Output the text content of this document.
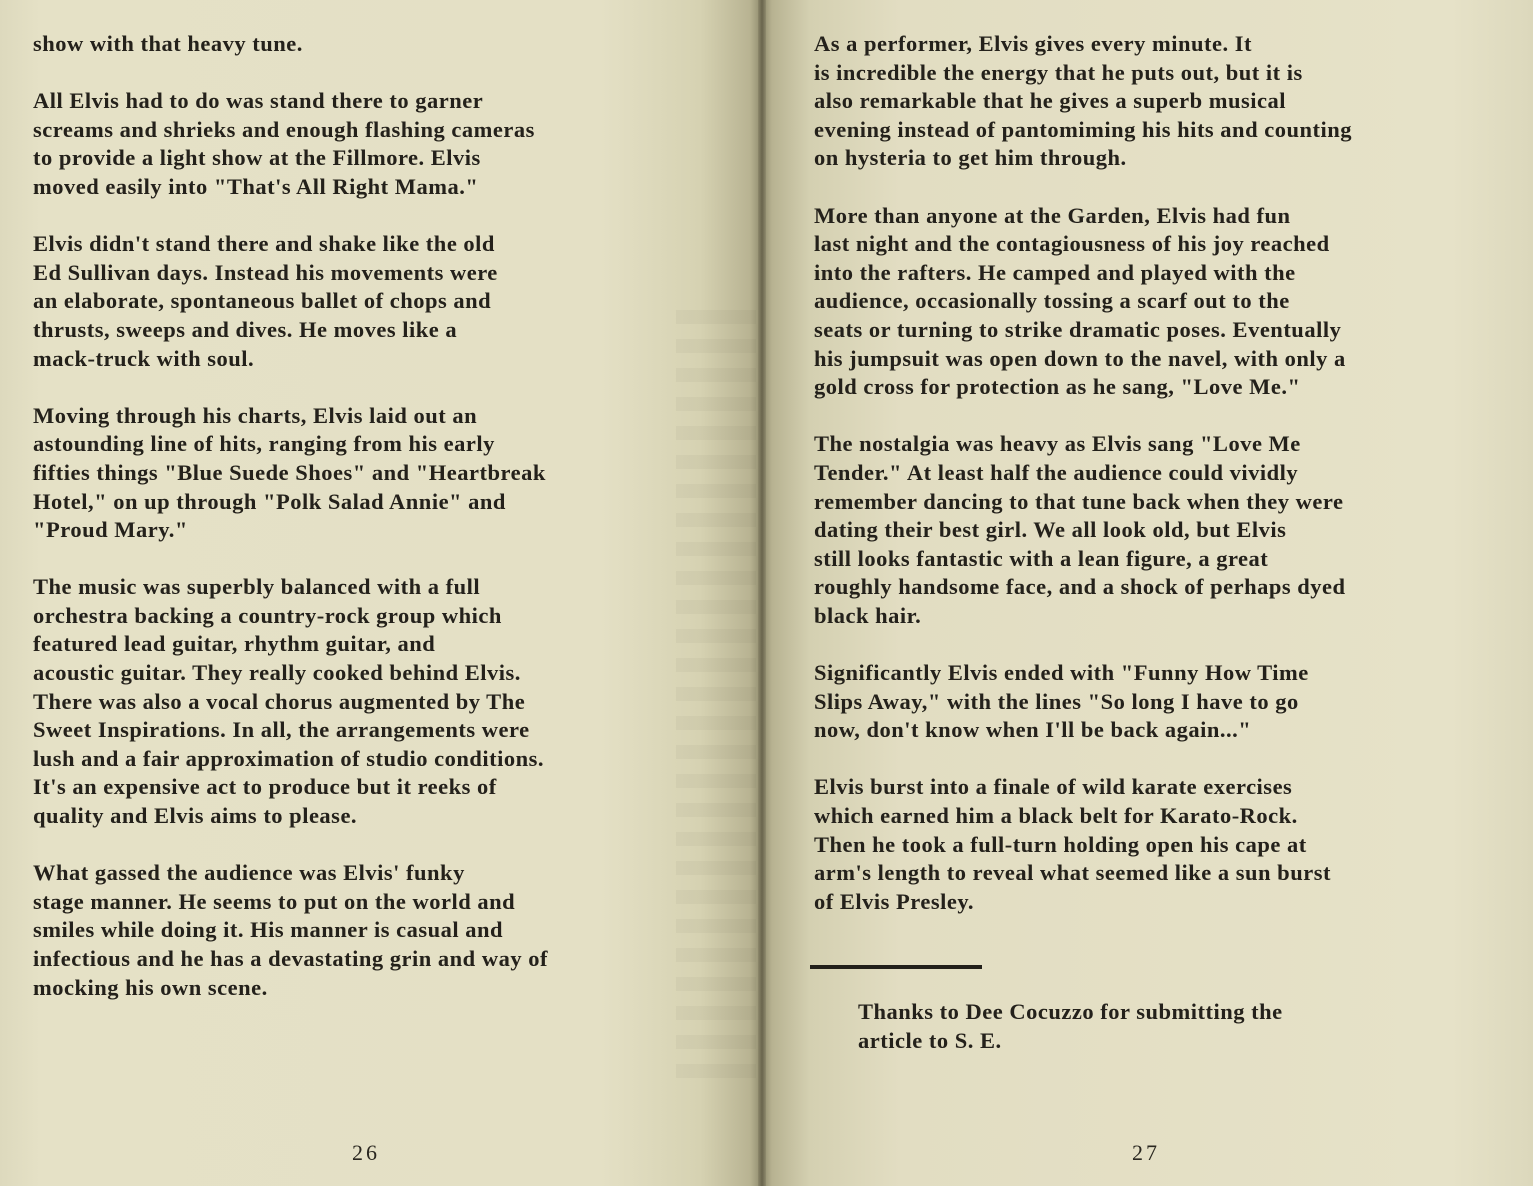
show with that heavy tune.

All Elvis had to do was stand there to garner
screams and shrieks and enough flashing cameras
to provide a light show at the Fillmore. Elvis
moved easily into "That's All Right Mama."

Elvis didn't stand there and shake like the old
Ed Sullivan days. Instead his movements were
an elaborate, spontaneous ballet of chops and
thrusts, sweeps and dives. He moves like a
mack-truck with soul.

Moving through his charts, Elvis laid out an
astounding line of hits, ranging from his early
fifties things "Blue Suede Shoes" and "Heartbreak
Hotel," on up through "Polk Salad Annie" and
"Proud Mary."

The music was superbly balanced with a full
orchestra backing a country-rock group which
featured lead guitar, rhythm guitar, and
acoustic guitar. They really cooked behind Elvis.
There was also a vocal chorus augmented by The
Sweet Inspirations. In all, the arrangements were
lush and a fair approximation of studio conditions.
It's an expensive act to produce but it reeks of
quality and Elvis aims to please.

What gassed the audience was Elvis' funky
stage manner. He seems to put on the world and
smiles while doing it. His manner is casual and
infectious and he has a devastating grin and way of
mocking his own scene.

26

As a performer, Elvis gives every minute. It
is incredible the energy that he puts out, but it is
also remarkable that he gives a superb musical
evening instead of pantomiming his hits and counting
on hysteria to get him through.

More than anyone at the Garden, Elvis had fun
last night and the contagiousness of his joy reached
into the rafters. He camped and played with the
audience, occasionally tossing a scarf out to the
seats or turning to strike dramatic poses. Eventually
his jumpsuit was open down to the navel, with only a
gold cross for protection as he sang, "Love Me."

The nostalgia was heavy as Elvis sang "Love Me
Tender." At least half the audience could vividly
remember dancing to that tune back when they were
dating their best girl. We all look old, but Elvis
still looks fantastic with a lean figure, a great
roughly handsome face, and a shock of perhaps dyed
black hair.

Significantly Elvis ended with "Funny How Time
Slips Away," with the lines "So long I have to go
now, don't know when I'll be back again..."

Elvis burst into a finale of wild karate exercises
which earned him a black belt for Karato-Rock.
Then he took a full-turn holding open his cape at
arm's length to reveal what seemed like a sun burst
of Elvis Presley.

Thanks to Dee Cocuzzo for submitting the
article to S. E.
27
